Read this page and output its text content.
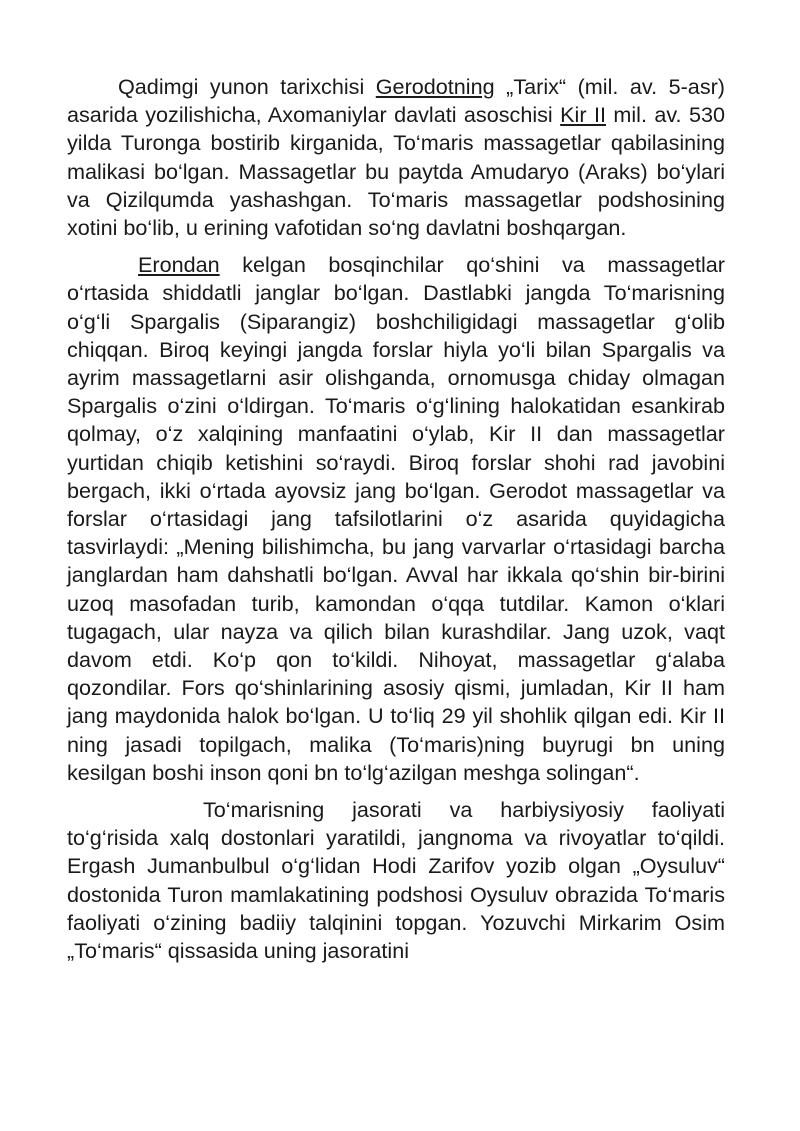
Qadimgi yunon tarixchisi Gerodotning „Tarix“ (mil. av. 5-asr) asarida yozilishicha, Axomaniylar davlati asoschisi Kir II mil. av. 530 yilda Turonga bostirib kirganida, To‘maris massagetlar qabilasining malikasi bo‘lgan. Massagetlar bu paytda Amudaryo (Araks) bo‘ylari va Qizilqumda yashashgan. To‘maris massagetlar podshosining xotini bo‘lib, u erining vafotidan so‘ng davlatni boshqargan.

Erondan kelgan bosqinchilar qo‘shini va massagetlar o‘rtasida shiddatli janglar bo‘lgan. Dastlabki jangda To‘marisning o‘g‘li Spargalis (Siparangiz) boshchiligidagi massagetlar g‘olib chiqqan. Biroq keyingi jangda forslar hiyla yo‘li bilan Spargalis va ayrim massagetlarni asir olishganda, ornomusga chiday olmagan Spargalis o‘zini o‘ldirgan. To‘maris o‘g‘lining halokatidan esankirab qolmay, o‘z xalqining manfaatini o‘ylab, Kir II dan massagetlar yurtidan chiqib ketishini so‘raydi. Biroq forslar shohi rad javobini bergach, ikki o‘rtada ayovsiz jang bo‘lgan. Gerodot massagetlar va forslar o‘rtasidagi jang tafsilotlarini o‘z asarida quyidagicha tasvirlaydi: „Mening bilishimcha, bu jang varvarlar o‘rtasidagi barcha janglardan ham dahshatli bo‘lgan. Avval har ikkala qo‘shin bir-birini uzoq masofadan turib, kamondan o‘qqa tutdilar. Kamon o‘klari tugagach, ular nayza va qilich bilan kurashdilar. Jang uzok, vaqt davom etdi. Ko‘p qon to‘kildi. Nihoyat, massagetlar g‘alaba qozondilar. Fors qo‘shinlarining asosiy qismi, jumladan, Kir II ham jang maydonida halok bo‘lgan. U to‘liq 29 yil shohlik qilgan edi. Kir II ning jasadi topilgach, malika (To‘maris)ning buyrugi bn uning kesilgan boshi inson qoni bn to‘lg‘azilgan meshga solingan“.

To‘marisning jasorati va harbiysiyosiy faoliyati to‘g‘risida xalq dostonlari yaratildi, jangnoma va rivoyatlar to‘qildi. Ergash Jumanbulbul o‘g‘lidan Hodi Zarifov yozib olgan „Oysuluv“ dostonida Turon mamlakatining podshosi Oysuluv obrazida To‘maris faoliyati o‘zining badiiy talqinini topgan. Yozuvchi Mirkarim Osim „To‘maris“ qissasida uning jasoratini
